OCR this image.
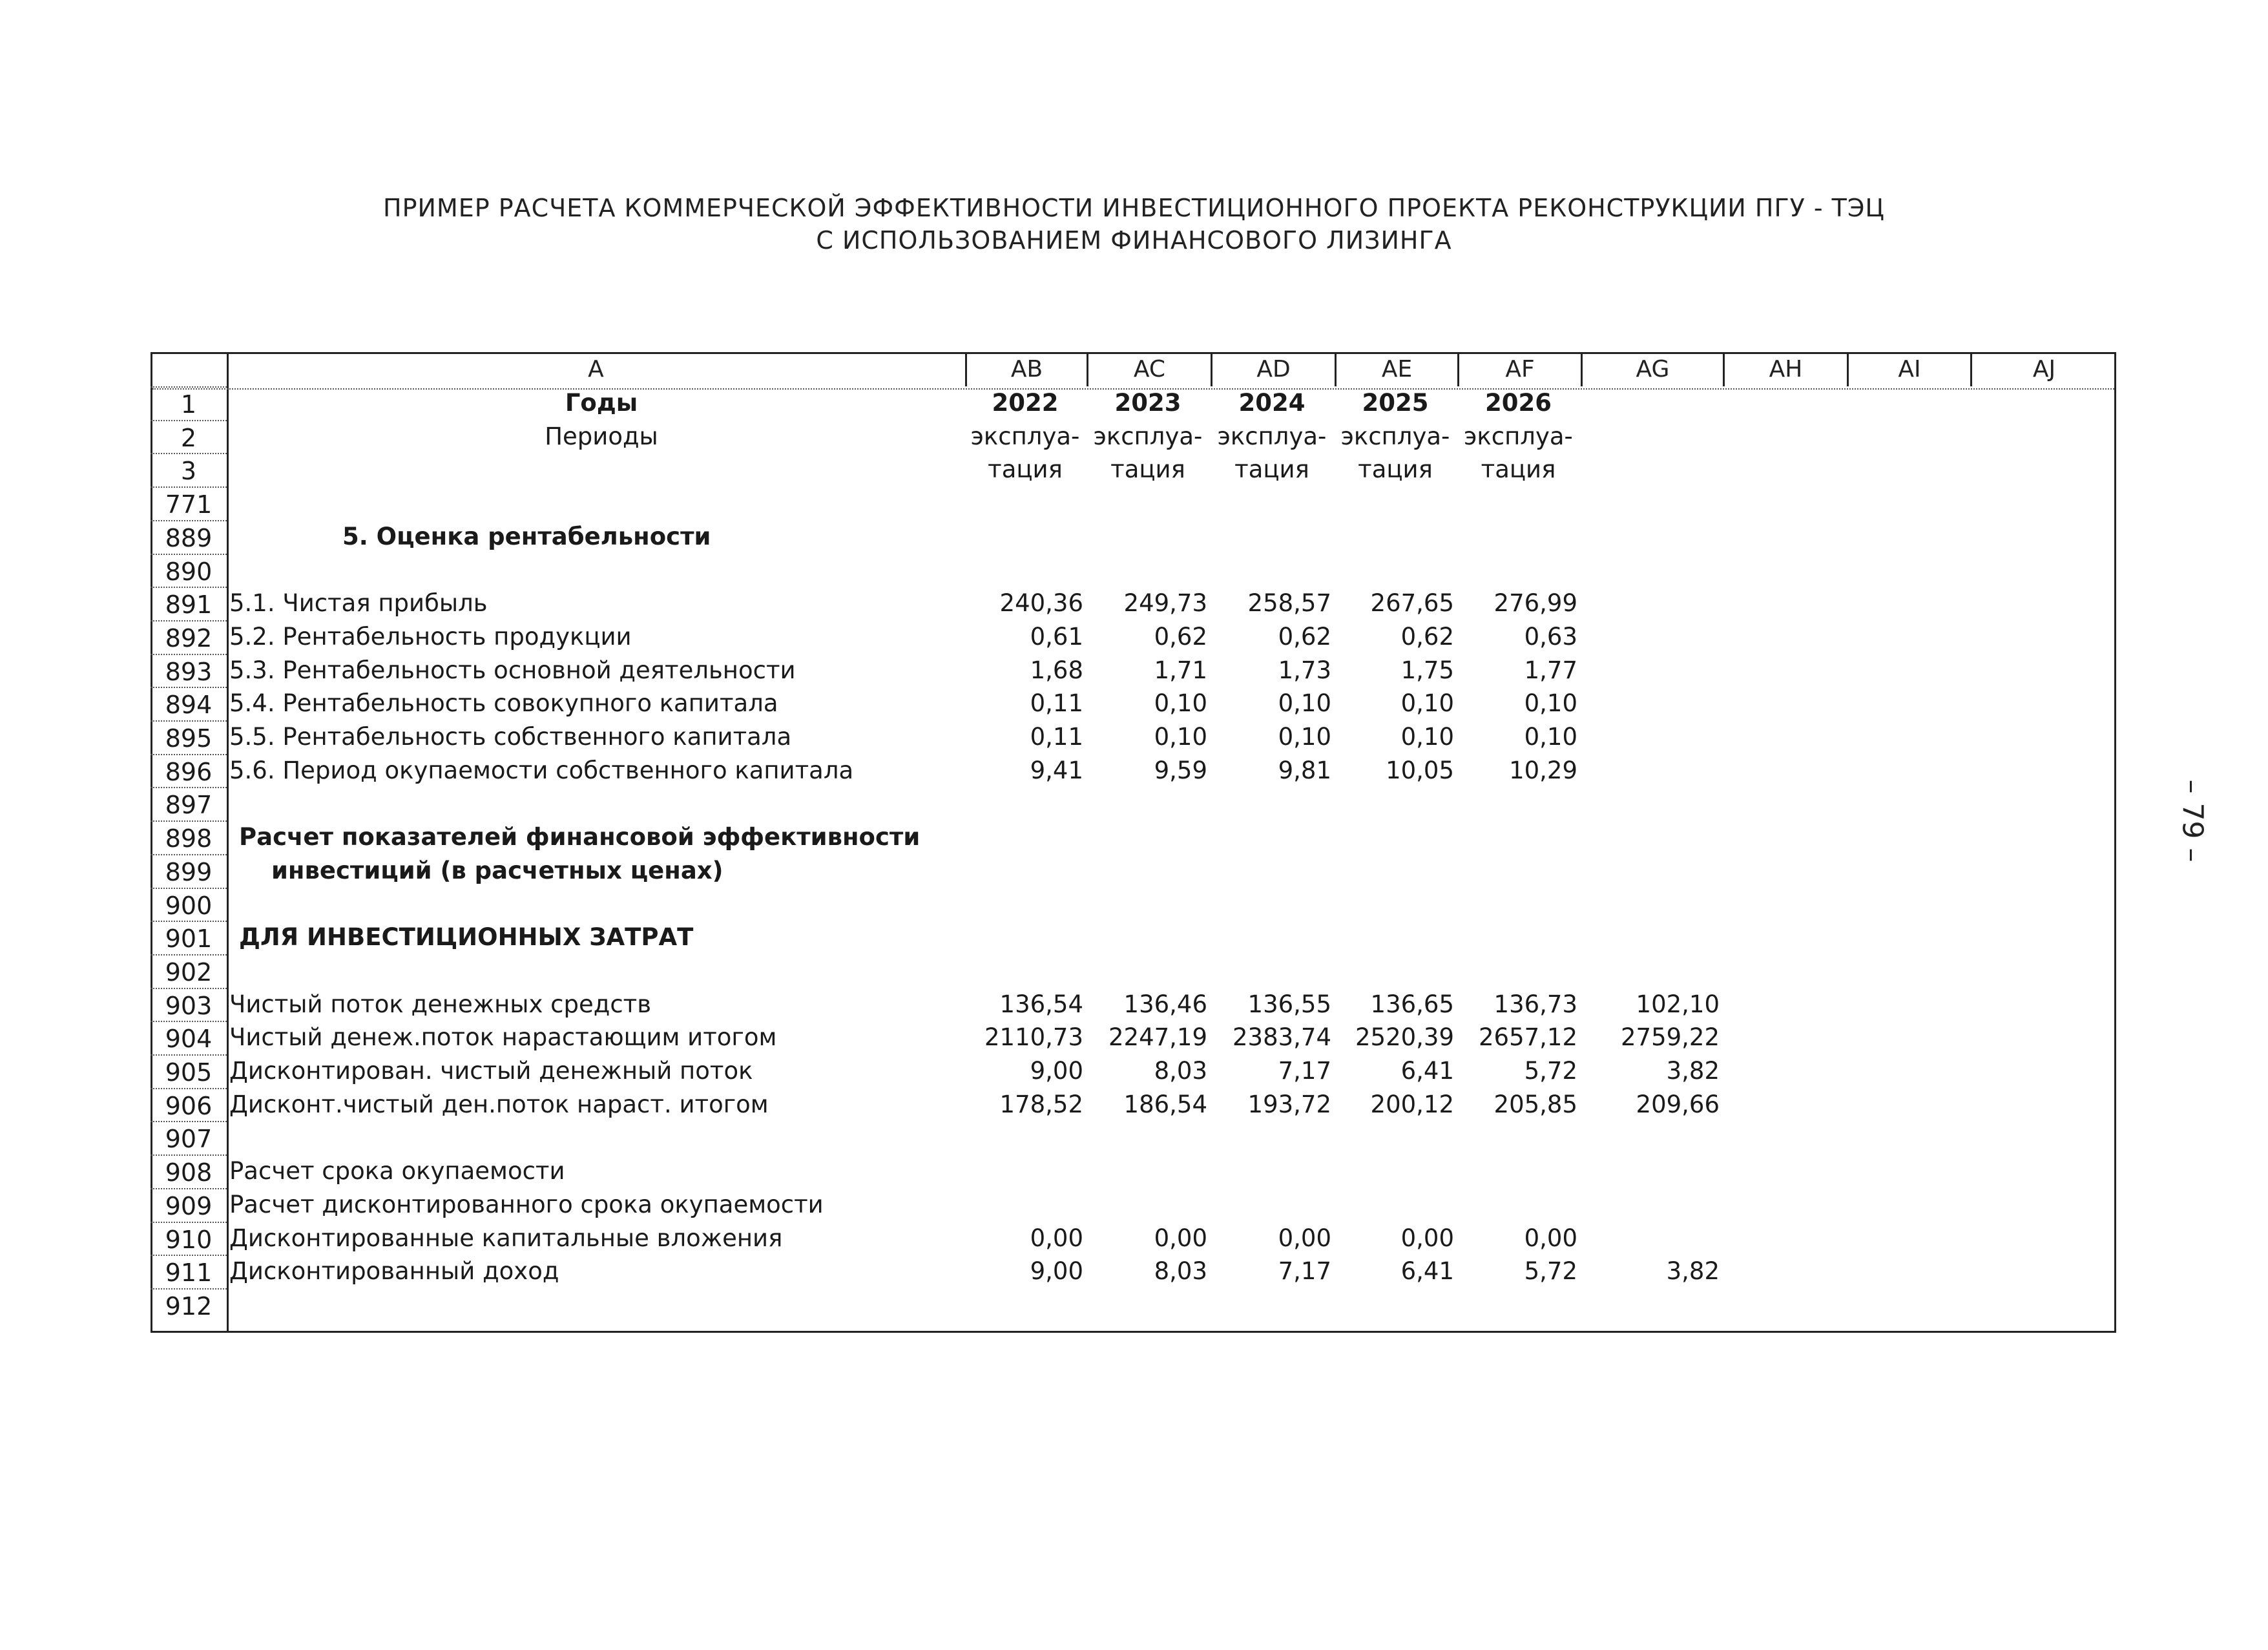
ПРИМЕР РАСЧЕТА КОММЕРЧЕСКОЙ ЭФФЕКТИВНОСТИ ИНВЕСТИЦИОННОГО ПРОЕКТА РЕКОНСТРУКЦИИ ПГУ - ТЭЦ
С ИСПОЛЬЗОВАНИЕМ ФИНАНСОВОГО ЛИЗИНГА
– 79 –
A	AB	AC	AD	AE	AF	AG	AH	AI	AJ
1	Годы	2022	2023	2024	2025	2026
2	Периоды	эксплуа- эксплуа- эксплуа- эксплуа- эксплуа-
3	тация	тация	тация	тация	тация
771
889	5. Оценка рентабельности
890
891 5.1. Чистая прибыль	240,36	249,73	258,57	267,65	276,99
892 5.2. Рентабельность продукции	0,61	0,62	0,62	0,62	0,63
893 5.3. Рентабельность основной деятельности	1,68	1,71	1,73	1,75	1,77
894 5.4. Рентабельность совокупного капитала	0,11	0,10	0,10	0,10	0,10
895 5.5. Рентабельность собственного капитала	0,11	0,10	0,10	0,10	0,10
896 5.6. Период окупаемости собственного капитала	9,41	9,59	9,81	10,05	10,29
897
898	Расчет показателей финансовой эффективности
899	инвестиций (в расчетных ценах)
900
901	ДЛЯ ИНВЕСТИЦИОННЫХ ЗАТРАТ
902
903 Чистый поток денежных средств	136,54	136,46	136,55	136,65	136,73	102,10
904 Чистый денеж.поток нарастающим итогом	2110,73	2247,19	2383,74 2520,39	2657,12	2759,22
905 Дисконтирован. чистый денежный поток	9,00	8,03	7,17	6,41	5,72	3,82
906 Дисконт.чистый ден.поток нараст. итогом	178,52	186,54	193,72	200,12	205,85	209,66
907
908 Расчет срока окупаемости
909 Расчет дисконтированного срока окупаемости
910 Дисконтированные капитальные вложения	0,00	0,00	0,00	0,00	0,00
911 Дисконтированный доход	9,00	8,03	7,17	6,41	5,72	3,82
912
